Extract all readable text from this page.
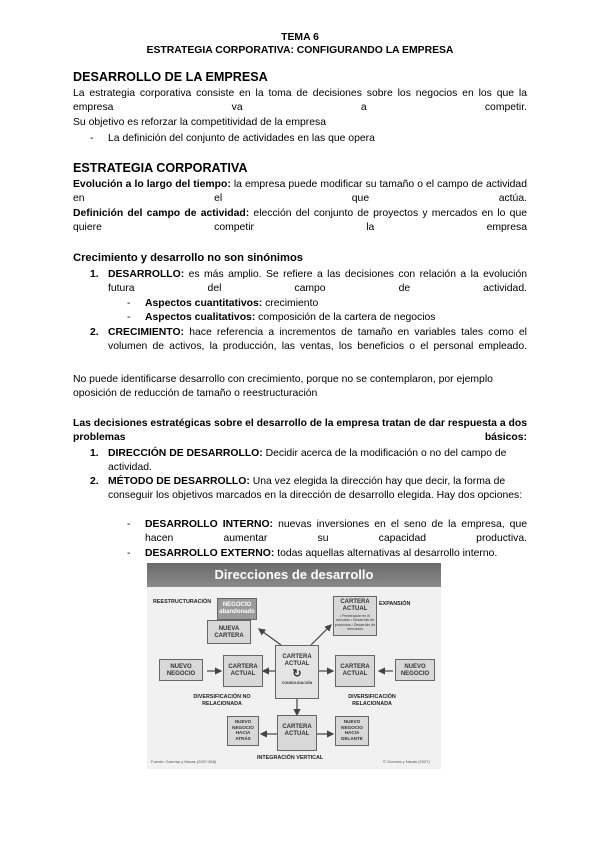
TEMA 6
ESTRATEGIA CORPORATIVA: CONFIGURANDO LA EMPRESA
DESARROLLO DE LA EMPRESA
La estrategia corporativa consiste en la toma de decisiones sobre los negocios en los que la empresa va a competir.
Su objetivo es reforzar la competitividad de la empresa
- La definición del conjunto de actividades en las que opera
ESTRATEGIA CORPORATIVA
Evolución a lo largo del tiempo: la empresa puede modificar su tamaño o el campo de actividad en el que actúa.
Definición del campo de actividad: elección del conjunto de proyectos y mercados en lo que quiere competir la empresa
Crecimiento y desarrollo no son sinónimos
1. DESARROLLO: es más amplio. Se refiere a las decisiones con relación a la evolución futura del campo de actividad.
- Aspectos cuantitativos: crecimiento
- Aspectos cualitativos: composición de la cartera de negocios
2. CRECIMIENTO: hace referencia a incrementos de tamaño en variables tales como el volumen de activos, la producción, las ventas, los beneficios o el personal empleado.
No puede identificarse desarrollo con crecimiento, porque no se contemplaron, por ejemplo oposición de reducción de tamaño o reestructuración
Las decisiones estratégicas sobre el desarrollo de la empresa tratan de dar respuesta a dos problemas básicos:
1. DIRECCIÓN DE DESARROLLO: Decidir acerca de la modificación o no del campo de actividad.
2. MÉTODO DE DESARROLLO: Una vez elegida la dirección hay que decir, la forma de conseguir los objetivos marcados en la dirección de desarrollo elegida. Hay dos opciones:
- DESARROLLO INTERNO: nuevas inversiones en el seno de la empresa, que hacen aumentar su capacidad productiva.
- DESARROLLO EXTERNO: todas aquellas alternativas al desarrollo interno.
Direcciones de desarrollo
REESTRUCTURACIÓN	EXPANSIÓN
NEGOCIO abandonado
NUEVA CARTERA
CARTERA ACTUAL
• Penetración en el mercado • Desarrollo de productos • Desarrollo de mercados
NUEVO NEGOCIO
CARTERA ACTUAL
CARTERA ACTUAL
↻
CONSOLIDACIÓN
CARTERA ACTUAL
NUEVO NEGOCIO
DIVERSIFICACIÓN NO RELACIONADA
DIVERSIFICACIÓN RELACIONADA
NUEVO NEGOCIO HACIA ATRÁS
CARTERA ACTUAL
NUEVO NEGOCIO HACIA DELANTE
INTEGRACIÓN VERTICAL
Fuente: Guerras y Navas (2007:368)	© Guerras y Navas (2007)
